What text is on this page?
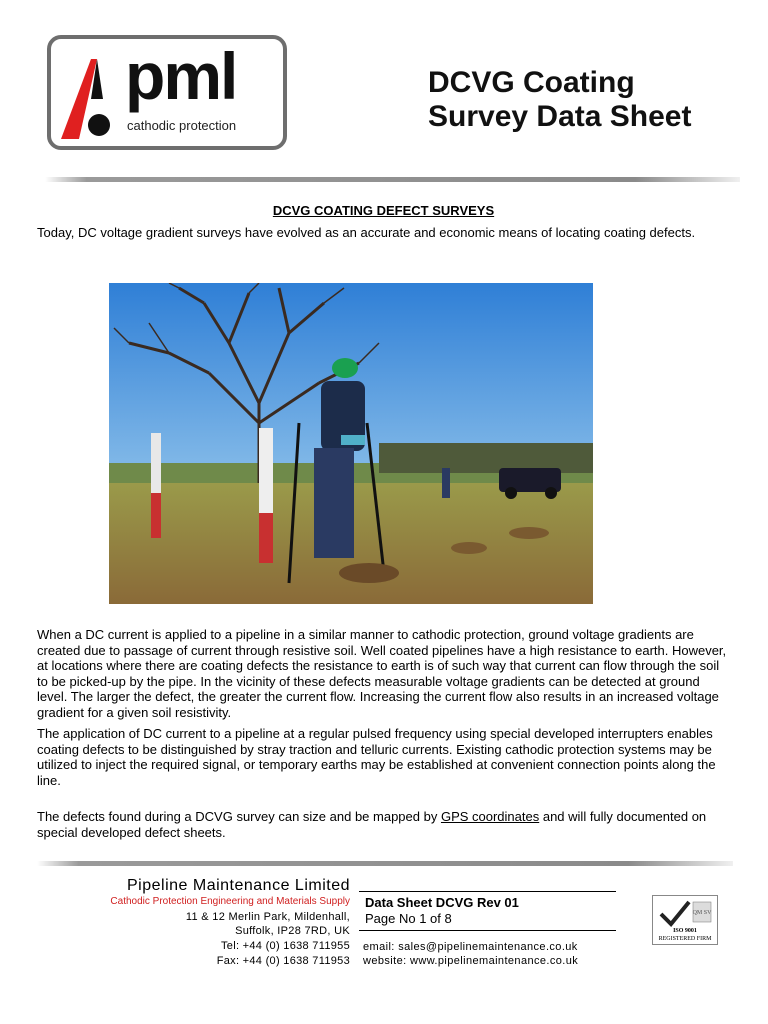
pml
cathodic protection
DCVG Coating
Survey Data Sheet
DCVG COATING DEFECT SURVEYS
Today, DC voltage gradient surveys have evolved as an accurate and economic means of locating coating defects.
When a DC current is applied to a pipeline in a similar manner to cathodic protection, ground voltage gradients are created due to passage of current through resistive soil. Well coated pipelines have a high resistance to earth. However, at locations where there are coating defects the resistance to earth is of such way that current can flow through the soil to be picked-up by the pipe. In the vicinity of these defects measurable voltage gradients can be detected at ground level. The larger the defect, the greater the current flow. Increasing the current flow also results in an increased voltage gradient for a given soil resistivity.
The application of DC current to a pipeline at a regular pulsed frequency using special developed interrupters enables coating defects to be distinguished by stray traction and telluric currents. Existing cathodic protection systems may be utilized to inject the required signal, or temporary earths may be established at convenient connection points along the line.
The defects found during a DCVG survey can size and be mapped by GPS coordinates and will fully documented on special developed defect sheets.
Pipeline Maintenance Limited
Cathodic Protection Engineering and Materials Supply
11 & 12 Merlin Park, Mildenhall,
Suffolk, IP28 7RD, UK
Tel: +44 (0) 1638 711955
Fax: +44 (0) 1638 711953
Data Sheet DCVG Rev 01
Page No 1 of 8
email: sales@pipelinemaintenance.co.uk
website: www.pipelinemaintenance.co.uk
QM SV
ISO 9001
REGISTERED FIRM
